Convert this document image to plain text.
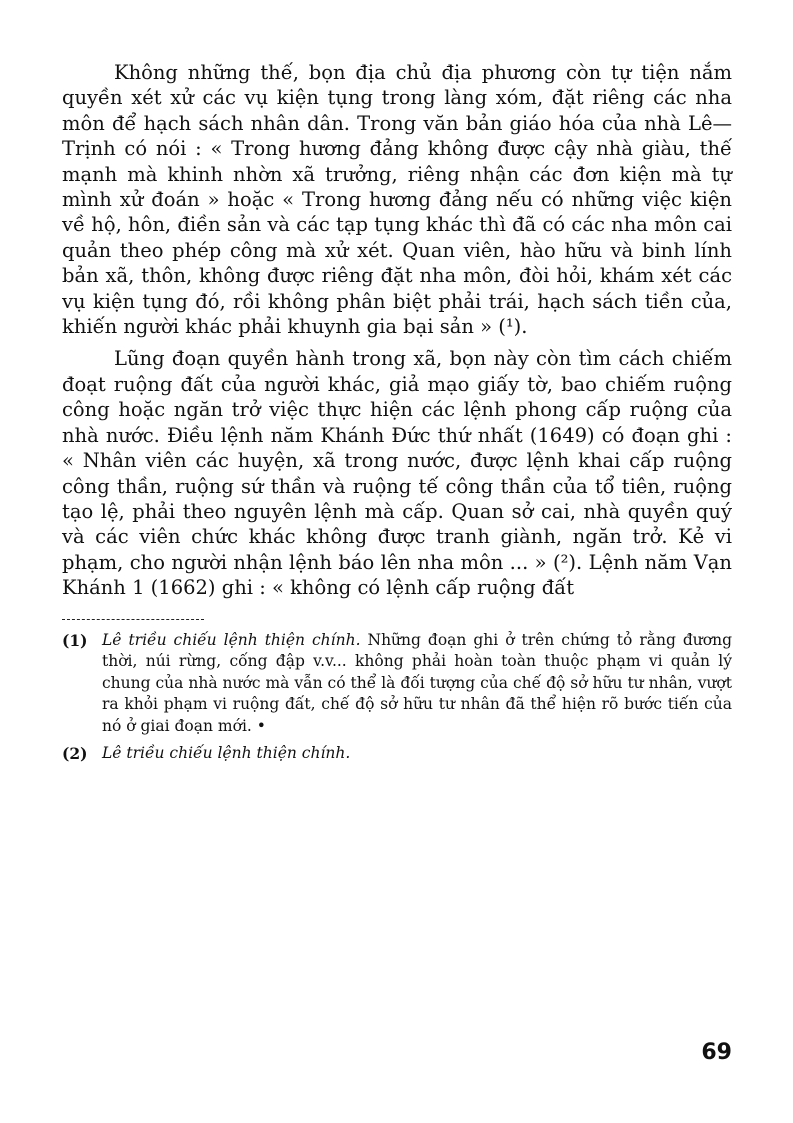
Không những thế, bọn địa chủ địa phương còn tự tiện nắm quyền xét xử các vụ kiện tụng trong làng xóm, đặt riêng các nha môn để hạch sách nhân dân. Trong văn bản giáo hóa của nhà Lê—Trịnh có nói : « Trong hương đảng không được cậy nhà giàu, thế mạnh mà khinh nhờn xã trưởng, riêng nhận các đơn kiện mà tự mình xử đoán » hoặc « Trong hương đảng nếu có những việc kiện về hộ, hôn, điền sản và các tạp tụng khác thì đã có các nha môn cai quản theo phép công mà xử xét. Quan viên, hào hữu và binh lính bản xã, thôn, không được riêng đặt nha môn, đòi hỏi, khám xét các vụ kiện tụng đó, rồi không phân biệt phải trái, hạch sách tiền của, khiến người khác phải khuynh gia bại sản » (¹).

Lũng đoạn quyền hành trong xã, bọn này còn tìm cách chiếm đoạt ruộng đất của người khác, giả mạo giấy tờ, bao chiếm ruộng công hoặc ngăn trở việc thực hiện các lệnh phong cấp ruộng của nhà nước. Điều lệnh năm Khánh Đức thứ nhất (1649) có đoạn ghi : « Nhân viên các huyện, xã trong nước, được lệnh khai cấp ruộng công thần, ruộng sứ thần và ruộng tế công thần của tổ tiên, ruộng tạo lệ, phải theo nguyên lệnh mà cấp. Quan sở cai, nhà quyền quý và các viên chức khác không được tranh giành, ngăn trở. Kẻ vi phạm, cho người nhận lệnh báo lên nha môn ... » (²). Lệnh năm Vạn Khánh 1 (1662) ghi : « không có lệnh cấp ruộng đất

(1) Lê triều chiếu lệnh thiện chính. Những đoạn ghi ở trên chứng tỏ rằng đương thời, núi rừng, cống đập v.v... không phải hoàn toàn thuộc phạm vi quản lý chung của nhà nước mà vẫn có thể là đối tượng của chế độ sở hữu tư nhân, vượt ra khỏi phạm vi ruộng đất, chế độ sở hữu tư nhân đã thể hiện rõ bước tiến của nó ở giai đoạn mới. •
(2) Lê triều chiếu lệnh thiện chính.
69
